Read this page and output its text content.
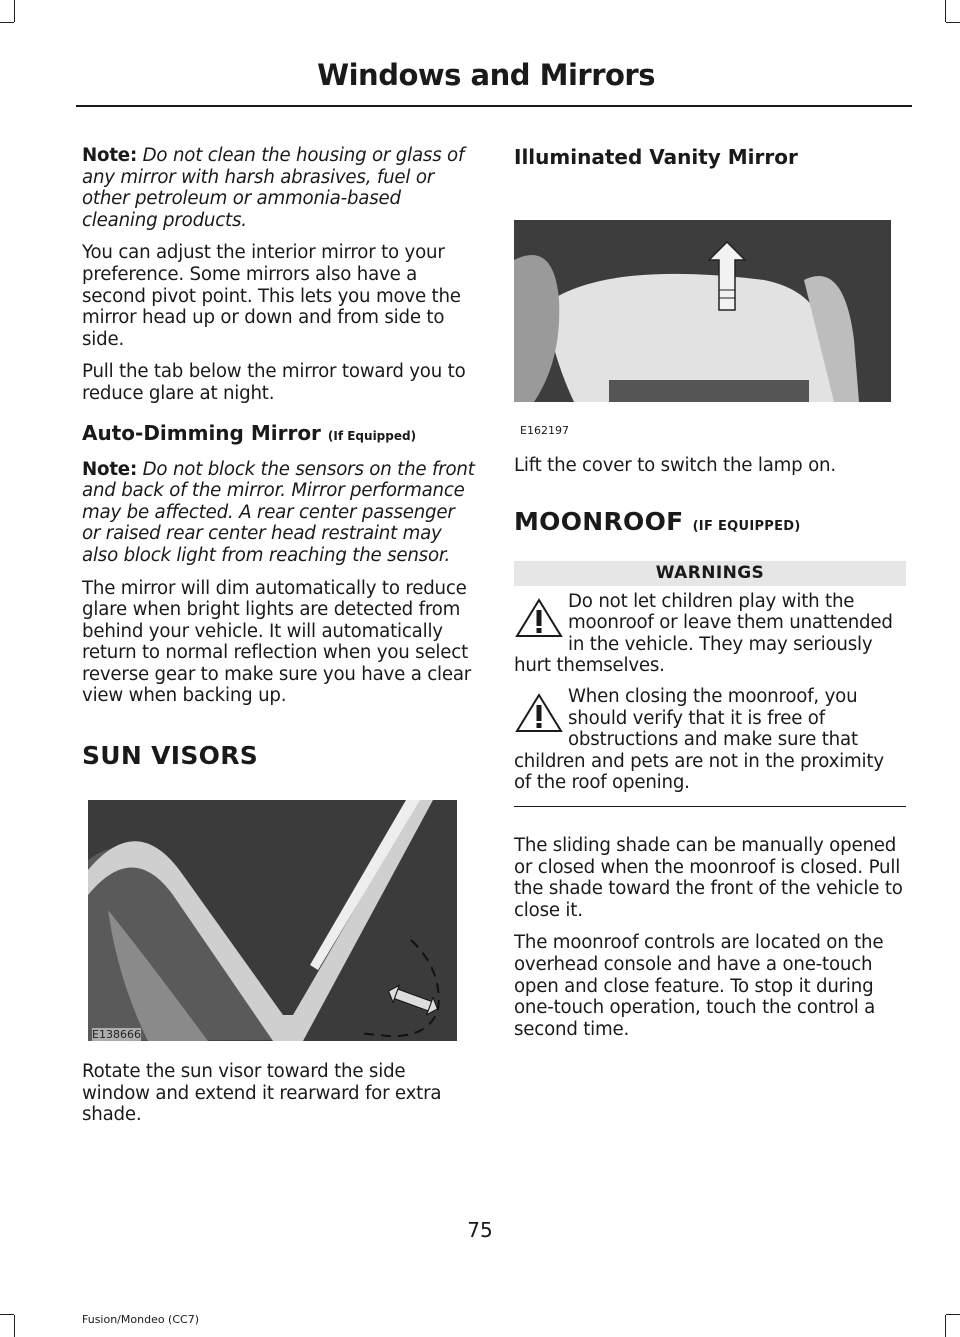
Windows and Mirrors

Note: Do not clean the housing or glass of any mirror with harsh abrasives, fuel or other petroleum or ammonia-based cleaning products.

You can adjust the interior mirror to your preference. Some mirrors also have a second pivot point. This lets you move the mirror head up or down and from side to side.

Pull the tab below the mirror toward you to reduce glare at night.

Auto-Dimming Mirror (If Equipped)

Note: Do not block the sensors on the front and back of the mirror. Mirror performance may be affected. A rear center passenger or raised rear center head restraint may also block light from reaching the sensor.

The mirror will dim automatically to reduce glare when bright lights are detected from behind your vehicle. It will automatically return to normal reflection when you select reverse gear to make sure you have a clear view when backing up.

SUN VISORS
E138666

Rotate the sun visor toward the side window and extend it rearward for extra shade.

Illuminated Vanity Mirror
E162197

Lift the cover to switch the lamp on.

MOONROOF (IF EQUIPPED)
WARNINGS
Do not let children play with the moonroof or leave them unattended in the vehicle. They may seriously hurt themselves.
When closing the moonroof, you should verify that it is free of obstructions and make sure that children and pets are not in the proximity of the roof opening.

The sliding shade can be manually opened or closed when the moonroof is closed. Pull the shade toward the front of the vehicle to close it.

The moonroof controls are located on the overhead console and have a one-touch open and close feature. To stop it during one-touch operation, touch the control a second time.

75
Fusion/Mondeo (CC7)
